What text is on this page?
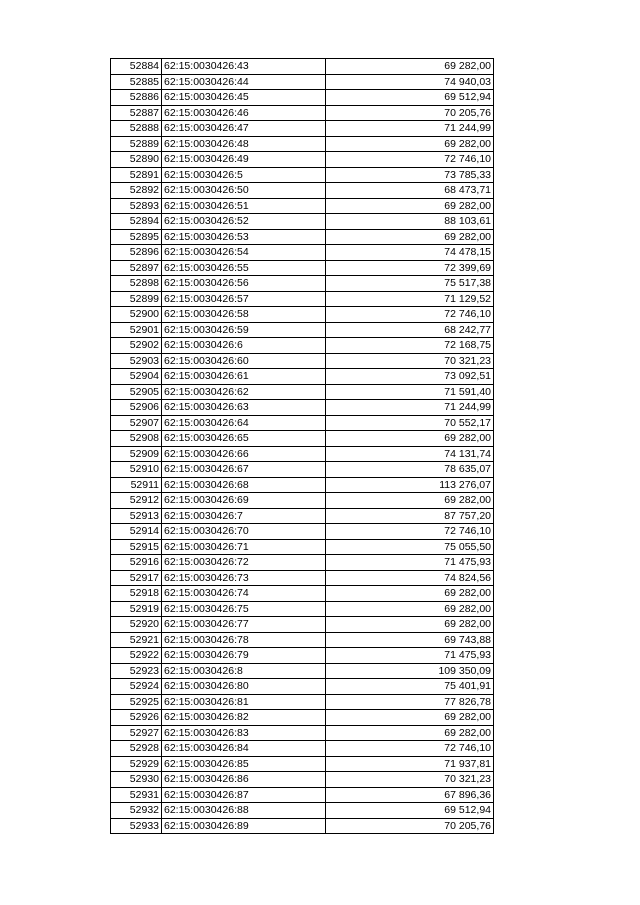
52884	62:15:0030426:43	69 282,00
52885	62:15:0030426:44	74 940,03
52886	62:15:0030426:45	69 512,94
52887	62:15:0030426:46	70 205,76
52888	62:15:0030426:47	71 244,99
52889	62:15:0030426:48	69 282,00
52890	62:15:0030426:49	72 746,10
52891	62:15:0030426:5	73 785,33
52892	62:15:0030426:50	68 473,71
52893	62:15:0030426:51	69 282,00
52894	62:15:0030426:52	88 103,61
52895	62:15:0030426:53	69 282,00
52896	62:15:0030426:54	74 478,15
52897	62:15:0030426:55	72 399,69
52898	62:15:0030426:56	75 517,38
52899	62:15:0030426:57	71 129,52
52900	62:15:0030426:58	72 746,10
52901	62:15:0030426:59	68 242,77
52902	62:15:0030426:6	72 168,75
52903	62:15:0030426:60	70 321,23
52904	62:15:0030426:61	73 092,51
52905	62:15:0030426:62	71 591,40
52906	62:15:0030426:63	71 244,99
52907	62:15:0030426:64	70 552,17
52908	62:15:0030426:65	69 282,00
52909	62:15:0030426:66	74 131,74
52910	62:15:0030426:67	78 635,07
52911	62:15:0030426:68	113 276,07
52912	62:15:0030426:69	69 282,00
52913	62:15:0030426:7	87 757,20
52914	62:15:0030426:70	72 746,10
52915	62:15:0030426:71	75 055,50
52916	62:15:0030426:72	71 475,93
52917	62:15:0030426:73	74 824,56
52918	62:15:0030426:74	69 282,00
52919	62:15:0030426:75	69 282,00
52920	62:15:0030426:77	69 282,00
52921	62:15:0030426:78	69 743,88
52922	62:15:0030426:79	71 475,93
52923	62:15:0030426:8	109 350,09
52924	62:15:0030426:80	75 401,91
52925	62:15:0030426:81	77 826,78
52926	62:15:0030426:82	69 282,00
52927	62:15:0030426:83	69 282,00
52928	62:15:0030426:84	72 746,10
52929	62:15:0030426:85	71 937,81
52930	62:15:0030426:86	70 321,23
52931	62:15:0030426:87	67 896,36
52932	62:15:0030426:88	69 512,94
52933	62:15:0030426:89	70 205,76
